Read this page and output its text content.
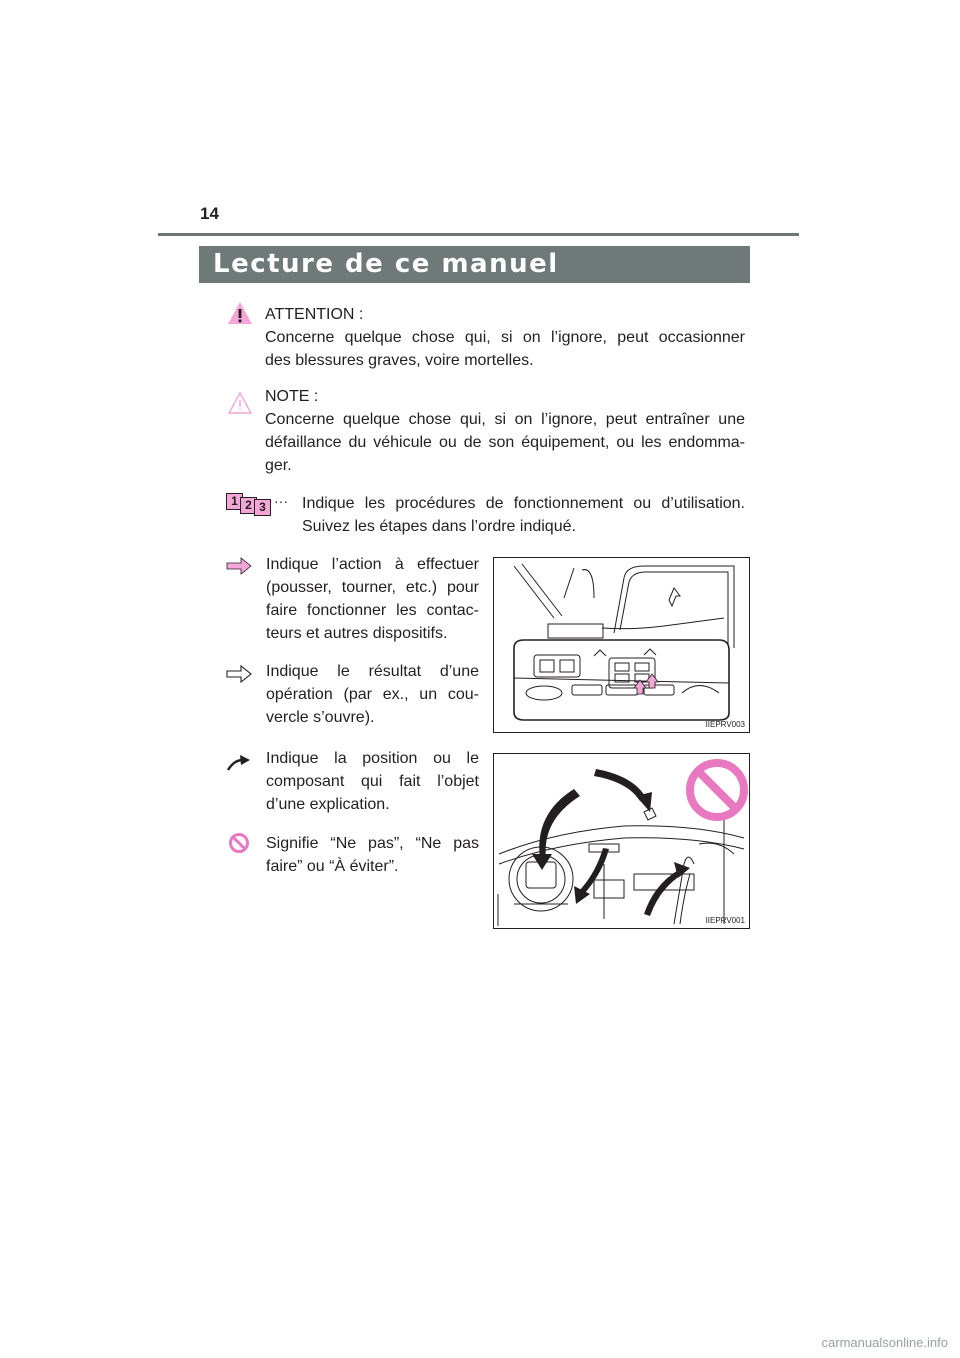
14
Lecture de ce manuel
ATTENTION :
Concerne quelque chose qui, si on l’ignore, peut occasionner
des blessures graves, voire mortelles.
NOTE :
Concerne quelque chose qui, si on l’ignore, peut entraîner une
défaillance du véhicule ou de son équipement, ou les endomma-
ger.
1 2 3 ··· Indique les procédures de fonctionnement ou d’utilisation.
Suivez les étapes dans l’ordre indiqué.
Indique l’action à effectuer
(pousser, tourner, etc.) pour
faire fonctionner les contac-
teurs et autres dispositifs.
Indique le résultat d’une
opération (par ex., un cou-
vercle s’ouvre).
Indique la position ou le
composant qui fait l’objet
d’une explication.
Signifie “Ne pas”, “Ne pas
faire” ou “À éviter”.
IIEPRV003
IIEPRV001
carmanualsonline.info
